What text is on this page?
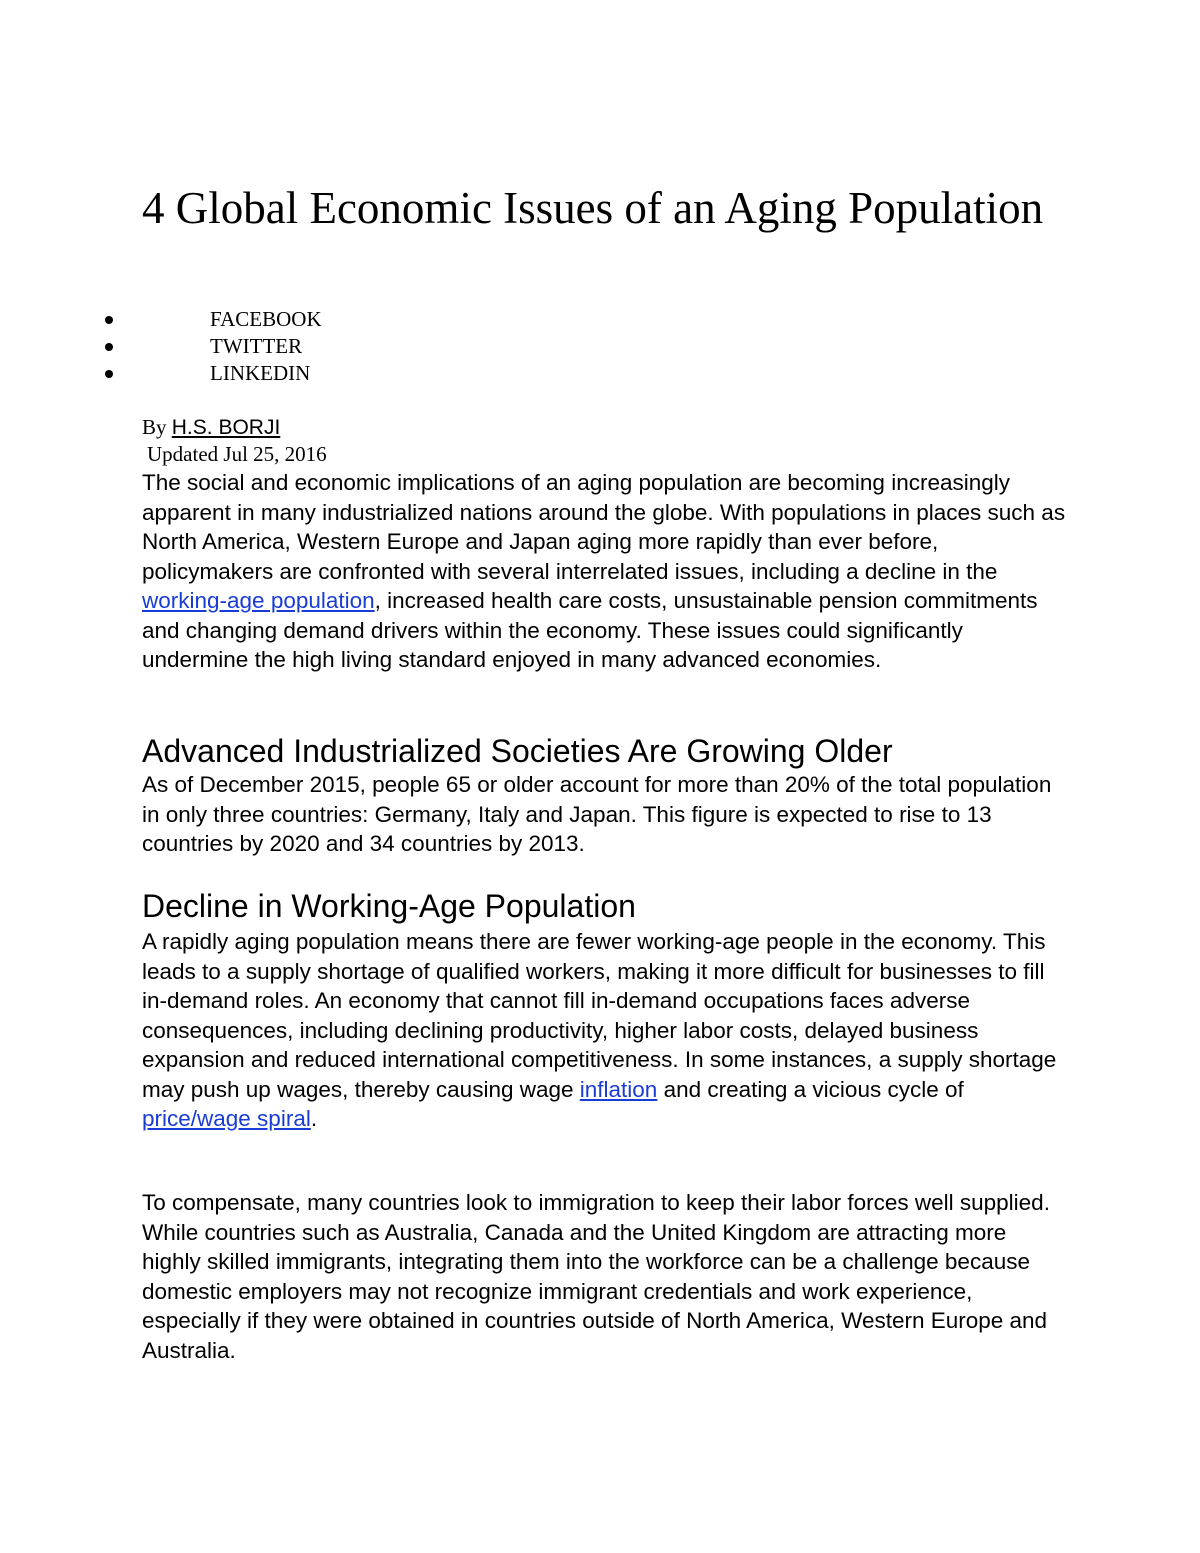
4 Global Economic Issues of an Aging Population
FACEBOOK
TWITTER
LINKEDIN
By H.S. BORJI
Updated Jul 25, 2016

The social and economic implications of an aging population are becoming increasingly apparent in many industrialized nations around the globe. With populations in places such as North America, Western Europe and Japan aging more rapidly than ever before, policymakers are confronted with several interrelated issues, including a decline in the working-age population, increased health care costs, unsustainable pension commitments and changing demand drivers within the economy. These issues could significantly undermine the high living standard enjoyed in many advanced economies.

Advanced Industrialized Societies Are Growing Older

As of December 2015, people 65 or older account for more than 20% of the total population in only three countries: Germany, Italy and Japan. This figure is expected to rise to 13 countries by 2020 and 34 countries by 2013.

Decline in Working-Age Population

A rapidly aging population means there are fewer working-age people in the economy. This leads to a supply shortage of qualified workers, making it more difficult for businesses to fill in-demand roles. An economy that cannot fill in-demand occupations faces adverse consequences, including declining productivity, higher labor costs, delayed business expansion and reduced international competitiveness. In some instances, a supply shortage may push up wages, thereby causing wage inflation and creating a vicious cycle of price/wage spiral.

To compensate, many countries look to immigration to keep their labor forces well supplied. While countries such as Australia, Canada and the United Kingdom are attracting more highly skilled immigrants, integrating them into the workforce can be a challenge because domestic employers may not recognize immigrant credentials and work experience, especially if they were obtained in countries outside of North America, Western Europe and Australia.
